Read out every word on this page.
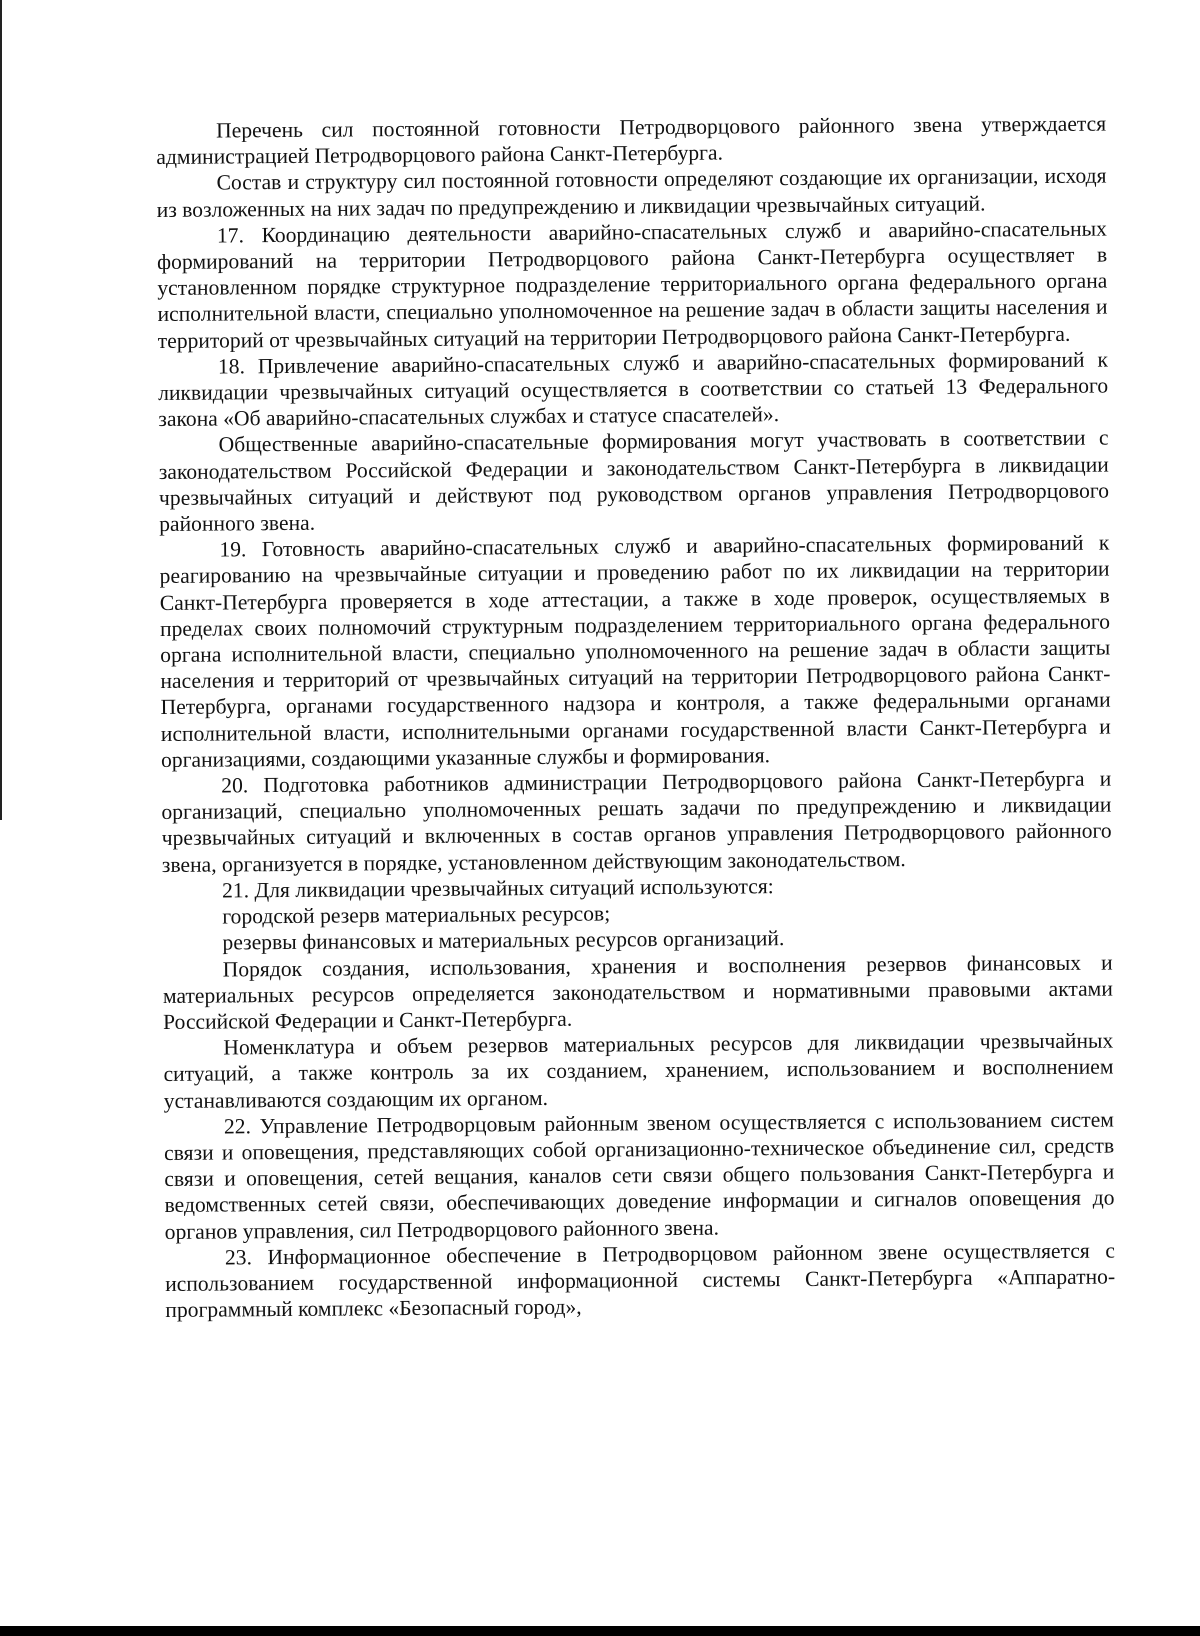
Перечень сил постоянной готовности Петродворцового районного звена утверждается администрацией Петродворцового района Санкт-Петербурга.

Состав и структуру сил постоянной готовности определяют создающие их организации, исходя из возложенных на них задач по предупреждению и ликвидации чрезвычайных ситуаций.

17. Координацию деятельности аварийно-спасательных служб и аварийно-спасательных формирований на территории Петродворцового района Санкт-Петербурга осуществляет в установленном порядке структурное подразделение территориального органа федерального органа исполнительной власти, специально уполномоченное на решение задач в области защиты населения и территорий от чрезвычайных ситуаций на территории Петродворцового района Санкт-Петербурга.

18. Привлечение аварийно-спасательных служб и аварийно-спасательных формирований к ликвидации чрезвычайных ситуаций осуществляется в соответствии со статьей 13 Федерального закона «Об аварийно-спасательных службах и статусе спасателей».

Общественные аварийно-спасательные формирования могут участвовать в соответствии с законодательством Российской Федерации и законодательством Санкт-Петербурга в ликвидации чрезвычайных ситуаций и действуют под руководством органов управления Петродворцового районного звена.

19. Готовность аварийно-спасательных служб и аварийно-спасательных формирований к реагированию на чрезвычайные ситуации и проведению работ по их ликвидации на территории Санкт-Петербурга проверяется в ходе аттестации, а также в ходе проверок, осуществляемых в пределах своих полномочий структурным подразделением территориального органа федерального органа исполнительной власти, специально уполномоченного на решение задач в области защиты населения и территорий от чрезвычайных ситуаций на территории Петродворцового района Санкт-Петербурга, органами государственного надзора и контроля, а также федеральными органами исполнительной власти, исполнительными органами государственной власти Санкт-Петербурга и организациями, создающими указанные службы и формирования.

20. Подготовка работников администрации Петродворцового района Санкт-Петербурга и организаций, специально уполномоченных решать задачи по предупреждению и ликвидации чрезвычайных ситуаций и включенных в состав органов управления Петродворцового районного звена, организуется в порядке, установленном действующим законодательством.

21. Для ликвидации чрезвычайных ситуаций используются:

городской резерв материальных ресурсов;

резервы финансовых и материальных ресурсов организаций.

Порядок создания, использования, хранения и восполнения резервов финансовых и материальных ресурсов определяется законодательством и нормативными правовыми актами Российской Федерации и Санкт-Петербурга.

Номенклатура и объем резервов материальных ресурсов для ликвидации чрезвычайных ситуаций, а также контроль за их созданием, хранением, использованием и восполнением устанавливаются создающим их органом.

22. Управление Петродворцовым районным звеном осуществляется с использованием систем связи и оповещения, представляющих собой организационно-техническое объединение сил, средств связи и оповещения, сетей вещания, каналов сети связи общего пользования Санкт-Петербурга и ведомственных сетей связи, обеспечивающих доведение информации и сигналов оповещения до органов управления, сил Петродворцового районного звена.

23. Информационное обеспечение в Петродворцовом районном звене осуществляется с использованием государственной информационной системы Санкт-Петербурга «Аппаратно-программный комплекс «Безопасный город»,
